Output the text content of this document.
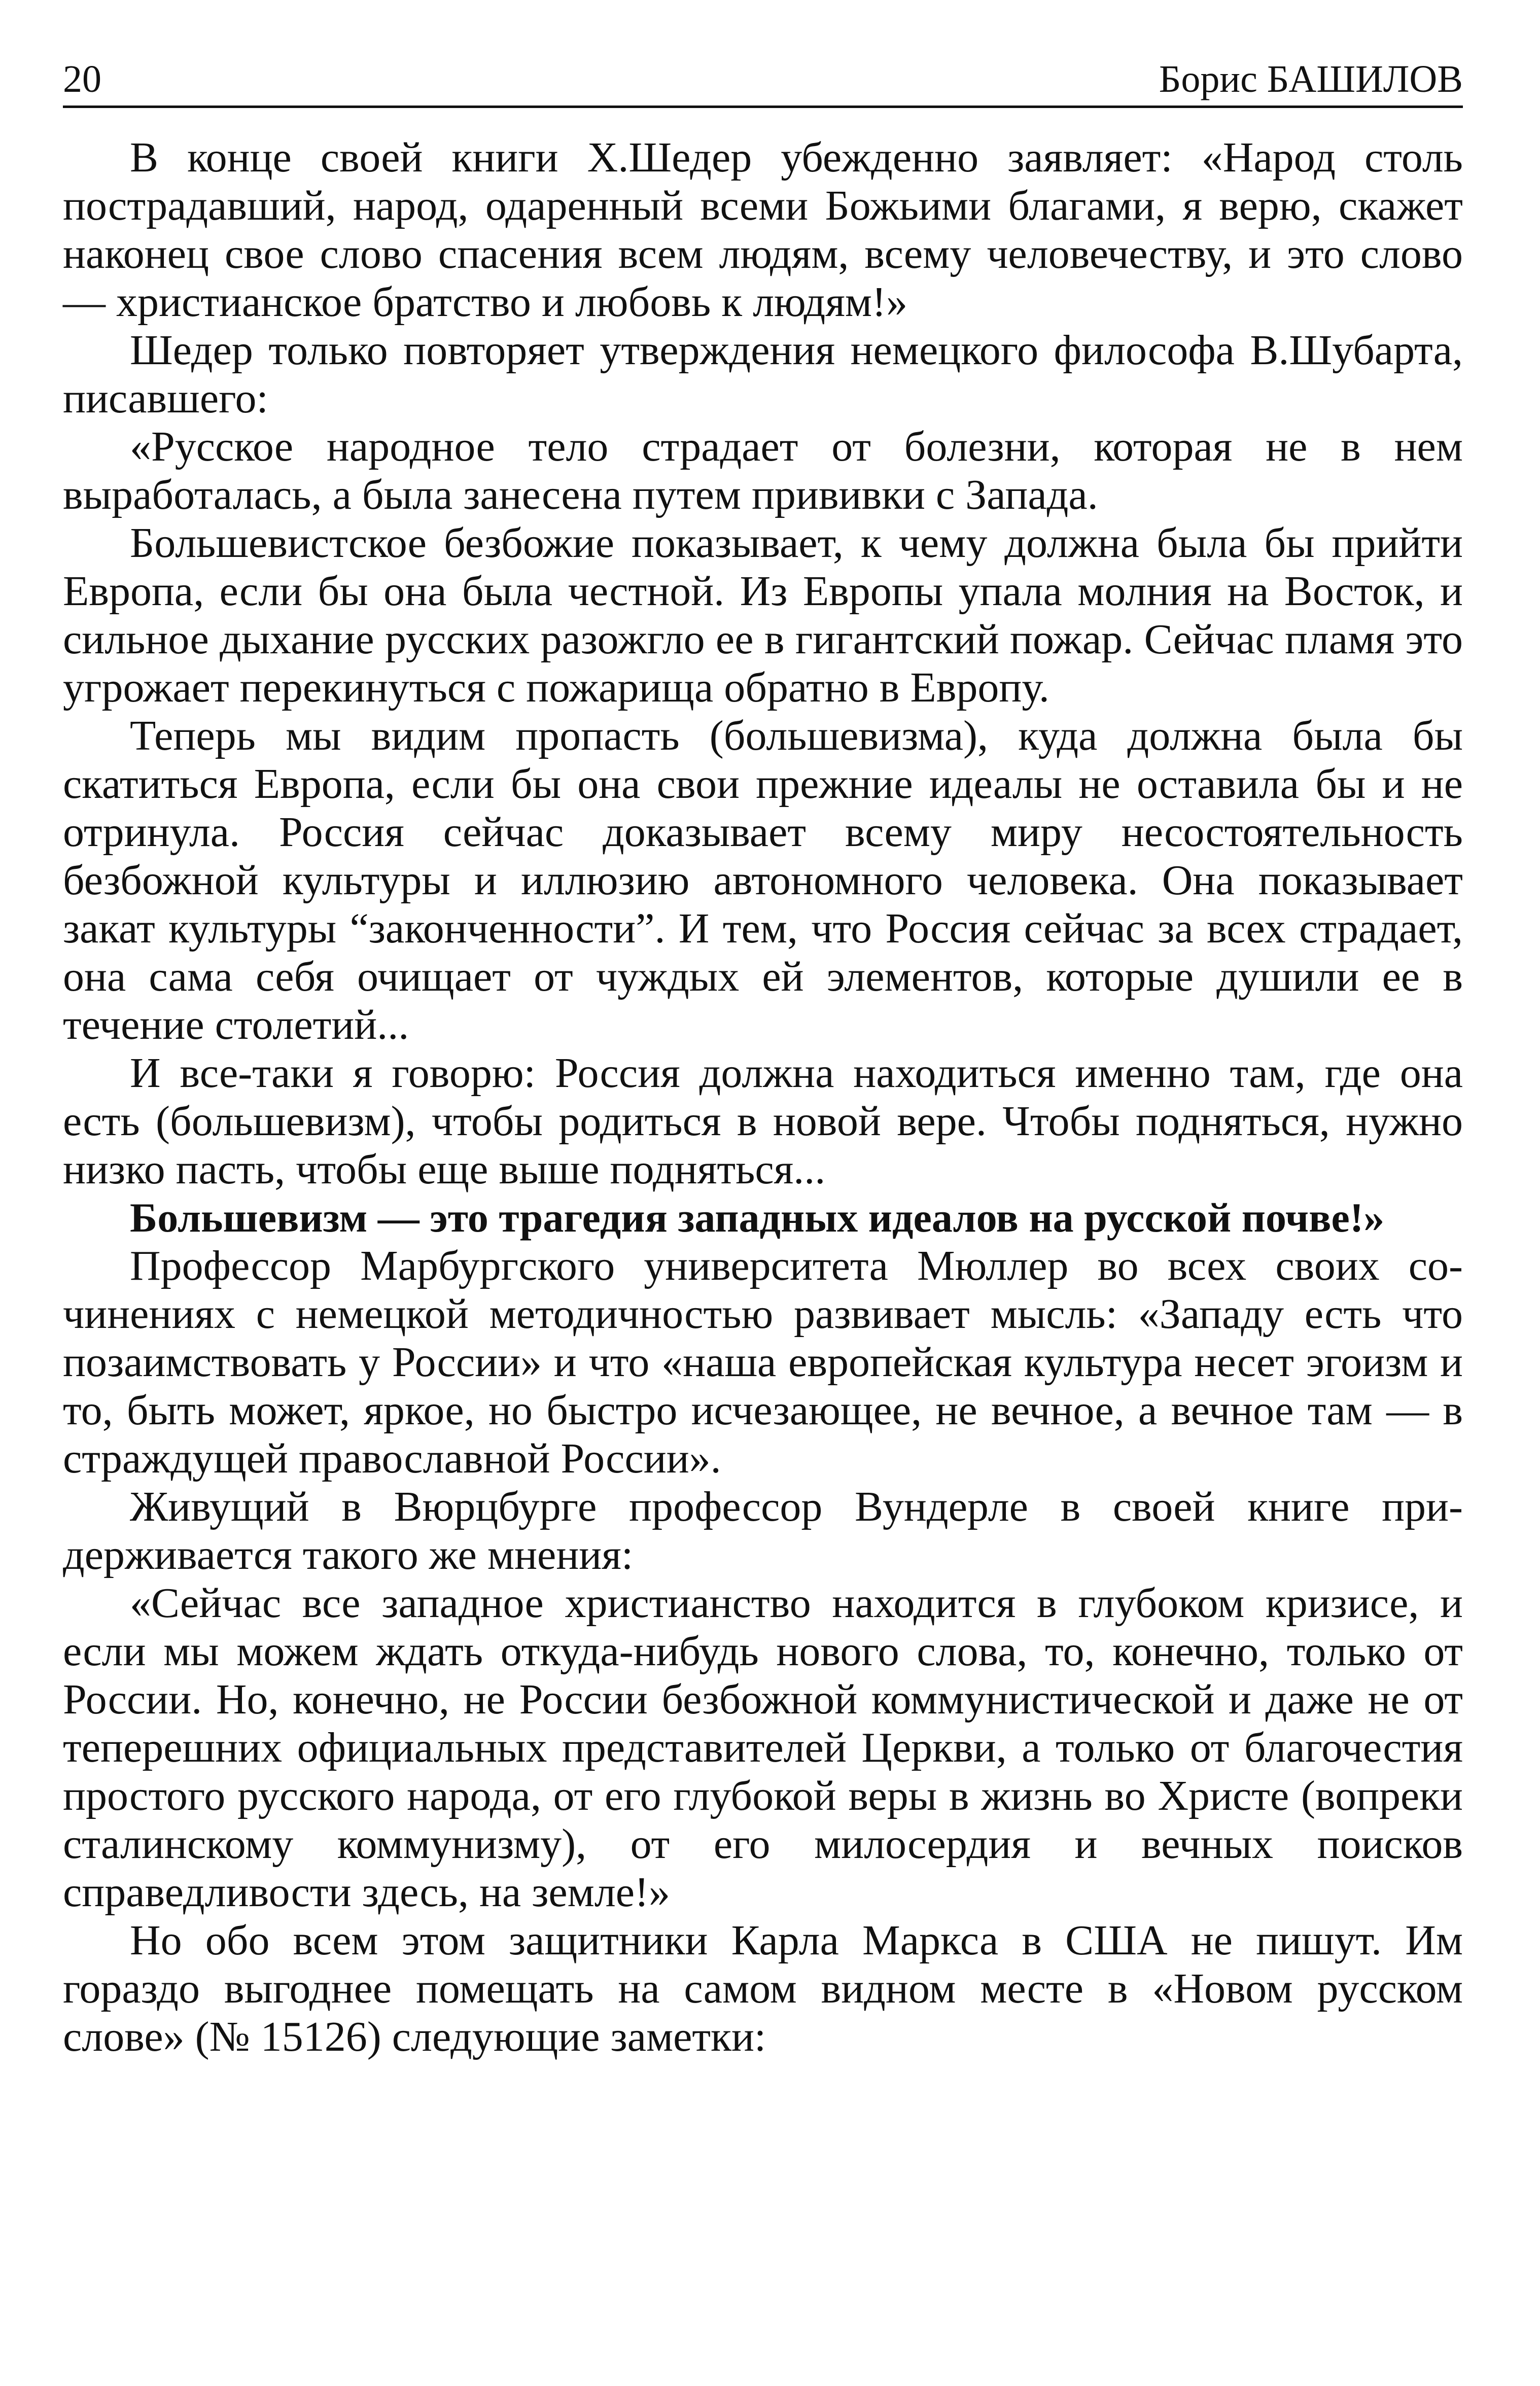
20	Борис БАШИЛОВ

В конце своей книги Х.Шедер убежденно заявляет: «Народ столь пострадавший, народ, одаренный всеми Божьими благами, я верю, скажет наконец свое слово спасения всем людям, всему человечеству, и это слово — христианское братство и любовь к людям!»

Шедер только повторяет утверждения немецкого философа В.Шубарта, писавшего:

«Русское народное тело страдает от болезни, которая не в нем выработалась, а была занесена путем прививки с Запада.

Большевистское безбожие показывает, к чему должна была бы прийти Европа, если бы она была честной. Из Европы упала молния на Восток, и сильное дыхание русских разожгло ее в гигантский пожар. Сейчас пламя это угрожает перекинуться с пожарища обратно в Европу.

Теперь мы видим пропасть (большевизма), куда должна была бы скатиться Европа, если бы она свои прежние идеалы не оставила бы и не отринула. Россия сейчас доказывает всему миру несостоятельность безбожной культуры и иллюзию автономного человека. Она показывает закат культуры “законченности”. И тем, что Россия сейчас за всех страдает, она сама себя очищает от чуждых ей элементов, которые душили ее в течение столетий...

И все-таки я говорю: Россия должна находиться именно там, где она есть (большевизм), чтобы родиться в новой вере. Чтобы подняться, нужно низко пасть, чтобы еще выше подняться...

Большевизм — это трагедия западных идеалов на русской почве!»

Профессор Марбургского университета Мюллер во всех своих сочинениях с немецкой методичностью развивает мысль: «Западу есть что позаимствовать у России» и что «наша европейская культура несет эгоизм и то, быть может, яркое, но быстро исчезающее, не вечное, а вечное там — в страждущей православной России».

Живущий в Вюрцбурге профессор Вундерле в своей книге придерживается такого же мнения:

«Сейчас все западное христианство находится в глубоком кризисе, и если мы можем ждать откуда-нибудь нового слова, то, конечно, только от России. Но, конечно, не России безбожной коммунистической и даже не от теперешних официальных представителей Церкви, а только от благочестия простого русского народа, от его глубокой веры в жизнь во Христе (вопреки сталинскому коммунизму), от его милосердия и вечных поисков справедливости здесь, на земле!»

Но обо всем этом защитники Карла Маркса в США не пишут. Им гораздо выгоднее помещать на самом видном месте в «Новом русском слове» (№ 15126) следующие заметки:
